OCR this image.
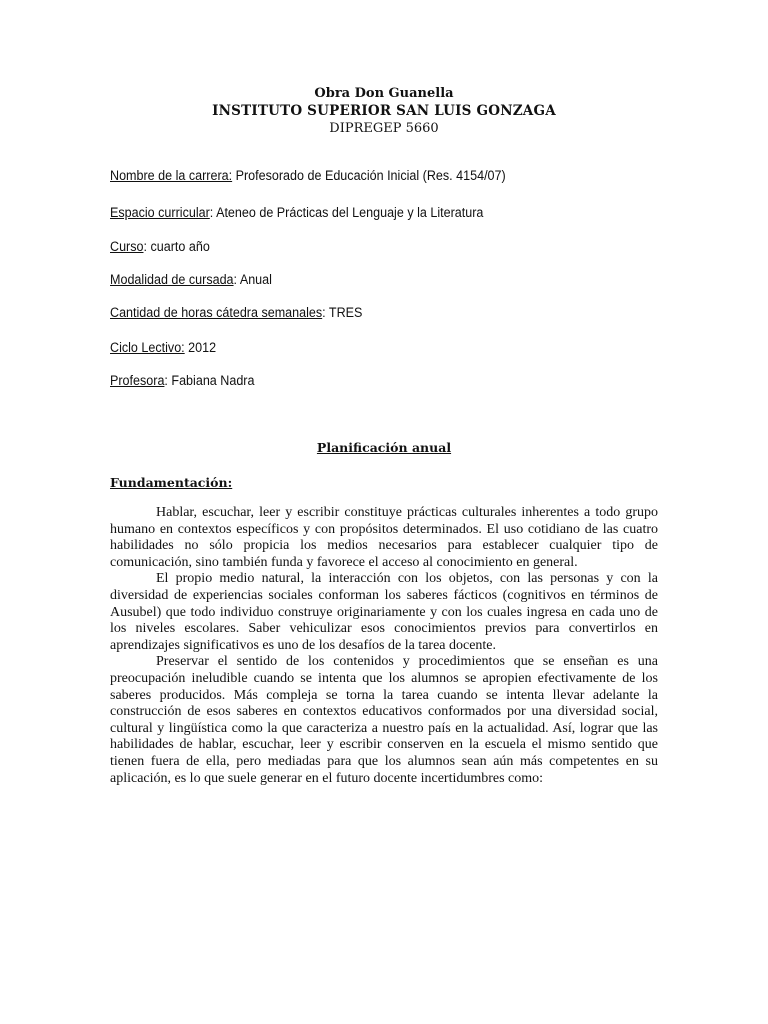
Obra Don Guanella
INSTITUTO SUPERIOR SAN LUIS GONZAGA
DIPREGEP 5660
Nombre de la carrera: Profesorado de Educación Inicial (Res. 4154/07)
Espacio curricular: Ateneo de Prácticas del Lenguaje y la Literatura
Curso: cuarto año
Modalidad de cursada: Anual
Cantidad de horas cátedra semanales: TRES
Ciclo Lectivo: 2012
Profesora: Fabiana Nadra
Planificación anual
Fundamentación:

Hablar, escuchar, leer y escribir constituye prácticas culturales inherentes a todo grupo humano en contextos específicos y con propósitos determinados. El uso cotidiano de las cuatro habilidades no sólo propicia los medios necesarios para establecer cualquier tipo de comunicación, sino también funda y favorece el acceso al conocimiento en general.

El propio medio natural, la interacción con los objetos, con las personas y con la diversidad de experiencias sociales conforman los saberes fácticos (cognitivos en términos de Ausubel) que todo individuo construye originariamente y con los cuales ingresa en cada uno de los niveles escolares. Saber vehiculizar esos conocimientos previos para convertirlos en aprendizajes significativos es uno de los desafíos de la tarea docente.

Preservar el sentido de los contenidos y procedimientos que se enseñan es una preocupación ineludible cuando se intenta que los alumnos se apropien efectivamente de los saberes producidos. Más compleja se torna la tarea cuando se intenta llevar adelante la construcción de esos saberes en contextos educativos conformados por una diversidad social, cultural y lingüística como la que caracteriza a nuestro país en la actualidad. Así, lograr que las habilidades de hablar, escuchar, leer y escribir conserven en la escuela el mismo sentido que tienen fuera de ella, pero mediadas para que los alumnos sean aún más competentes en su aplicación, es lo que suele generar en el futuro docente incertidumbres como:
